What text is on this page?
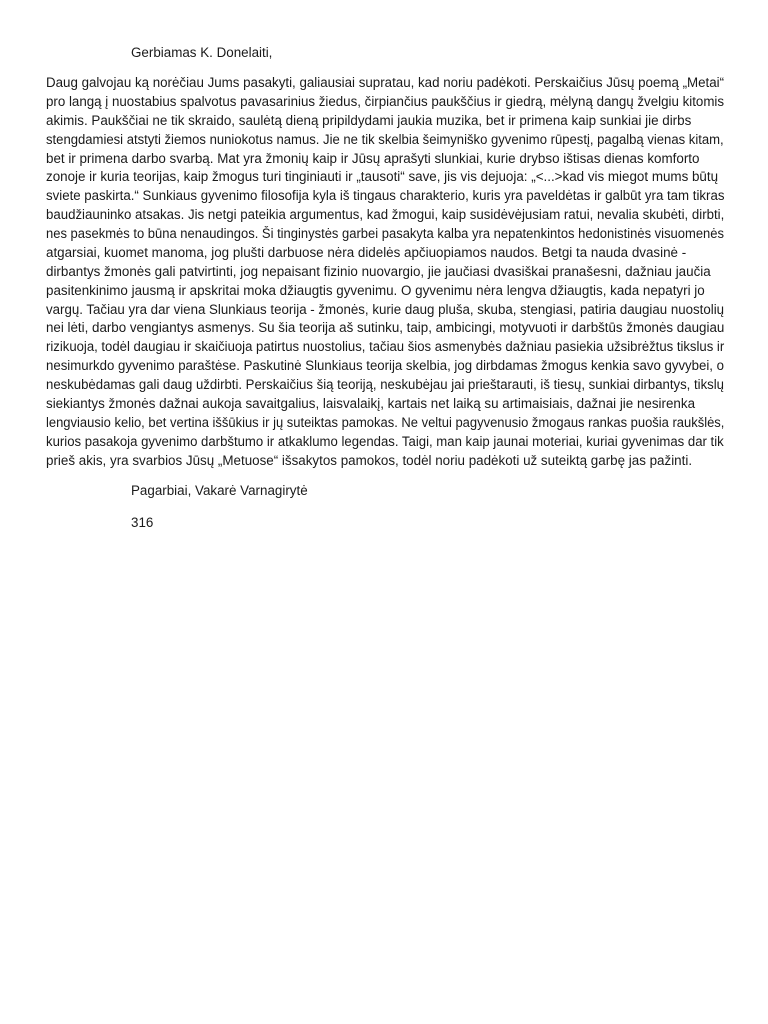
Gerbiamas K. Donelaiti,

Daug galvojau ką norėčiau Jums pasakyti, galiausiai supratau, kad noriu padėkoti. Perskaičius Jūsų poemą „Metai“ pro langą į nuostabius spalvotus pavasarinius žiedus, čirpiančius paukščius ir giedrą, mėlyną dangų žvelgiu kitomis
akimis. Paukščiai ne tik skraido, saulėtą dieną pripildydami jaukia muzika, bet ir primena kaip sunkiai jie dirbs
stengdamiesi atstyti žiemos nuniokotus namus. Jie ne tik skelbia šeimyniško gyvenimo rūpestį, pagalbą vienas kitam,
bet ir primena darbo svarbą. Mat yra žmonių kaip ir Jūsų aprašyti slunkiai, kurie drybso ištisas dienas komforto
zonoje ir kuria teorijas, kaip žmogus turi tinginiauti ir „tausoti“ save, jis vis dejuoja: „<...>kad vis miegot mums būtų
sviete paskirta.“ Sunkiaus gyvenimo filosofija kyla iš tingaus charakterio, kuris yra paveldėtas ir galbūt yra tam tikras baudžiauninko atsakas. Jis netgi pateikia argumentus, kad žmogui, kaip susidėvėjusiam ratui, nevalia skubėti, dirbti, nes pasekmės to būna nenaudingos. Ši tinginystės garbei pasakyta kalba yra nepatenkintos hedonistinės visuomenės
atgarsiai, kuomet manoma, jog plušti darbuose nėra didelės apčiuopiamos naudos. Betgi ta nauda dvasinė -
dirbantys žmonės gali patvirtinti, jog nepaisant fizinio nuovargio, jie jaučiasi dvasiškai pranašesni, dažniau jaučia
pasitenkinimo jausmą ir apskritai moka džiaugtis gyvenimu. O gyvenimu nėra lengva džiaugtis, kada nepatyri jo
vargų. Tačiau yra dar viena Slunkiaus teorija - žmonės, kurie daug pluša, skuba, stengiasi, patiria daugiau nuostolių nei lėti, darbo vengiantys asmenys. Su šia teorija aš sutinku, taip, ambicingi, motyvuoti ir darbštūs žmonės daugiau rizikuoja, todėl daugiau ir skaičiuoja patirtus nuostolius, tačiau šios asmenybės dažniau pasiekia užsibrėžtus tikslus ir nesimurkdo gyvenimo paraštėse. Paskutinė Slunkiaus teorija skelbia, jog dirbdamas žmogus kenkia savo gyvybei, o neskubėdamas gali daug uždirbti. Perskaičius šią teoriją, neskubėjau jai prieštarauti, iš tiesų, sunkiai dirbantys, tikslų
siekiantys žmonės dažnai aukoja savaitgalius, laisvalaikį, kartais net laiką su artimaisiais, dažnai jie nesirenka
lengviausio kelio, bet vertina iššūkius ir jų suteiktas pamokas. Ne veltui pagyvenusio žmogaus rankas puošia raukšlės, kurios pasakoja gyvenimo darbštumo ir atkaklumo legendas. Taigi, man kaip jaunai moteriai, kuriai gyvenimas dar tik
prieš akis, yra svarbios Jūsų „Metuose“ išsakytos pamokos, todėl noriu padėkoti už suteiktą garbę jas pažinti.

Pagarbiai, Vakarė Varnagirytė
316
